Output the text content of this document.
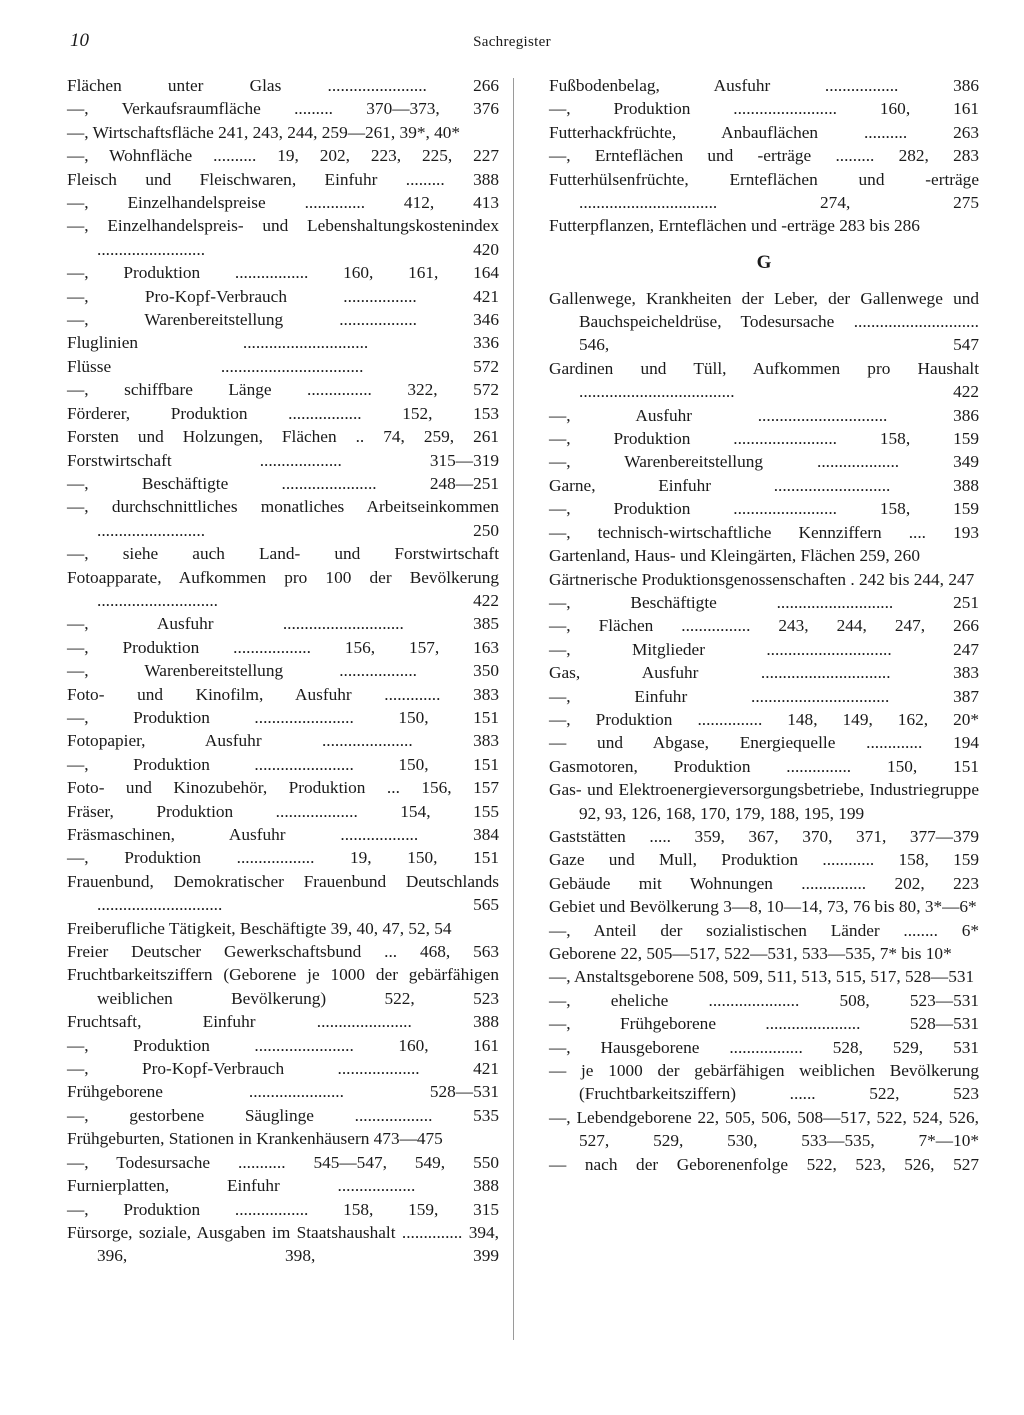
10	Sachregister

Flächen unter Glas ....................... 266

—, Verkaufsraumfläche ......... 370—373, 376

—, Wirtschaftsfläche 241, 243, 244, 259—261, 39*, 40*

—, Wohnfläche .......... 19, 202, 223, 225, 227

Fleisch und Fleischwaren, Einfuhr ......... 388

—, Einzelhandelspreise .............. 412, 413

—, Einzelhandelspreis- und Lebenshaltungskostenindex ......................... 420

—, Produktion ................. 160, 161, 164

—, Pro-Kopf-Verbrauch ................. 421

—, Warenbereitstellung .................. 346

Fluglinien ............................. 336

Flüsse ................................. 572

—, schiffbare Länge ............... 322, 572

Förderer, Produktion ................. 152, 153

Forsten und Holzungen, Flächen .. 74, 259, 261

Forstwirtschaft ................... 315—319

—, Beschäftigte ...................... 248—251

—, durchschnittliches monatliches Arbeitseinkommen ......................... 250

—, siehe auch Land- und Forstwirtschaft

Fotoapparate, Aufkommen pro 100 der Bevölkerung ............................ 422

—, Ausfuhr ............................ 385

—, Produktion .................. 156, 157, 163

—, Warenbereitstellung .................. 350

Foto- und Kinofilm, Ausfuhr ............. 383

—, Produktion ....................... 150, 151

Fotopapier, Ausfuhr ..................... 383

—, Produktion ....................... 150, 151

Foto- und Kinozubehör, Produktion ... 156, 157

Fräser, Produktion ................... 154, 155

Fräsmaschinen, Ausfuhr .................. 384

—, Produktion .................. 19, 150, 151

Frauenbund, Demokratischer Frauenbund Deutschlands ............................. 565

Freiberufliche Tätigkeit, Beschäftigte 39, 40, 47, 52, 54

Freier Deutscher Gewerkschaftsbund ... 468, 563

Fruchtbarkeitsziffern (Geborene je 1000 der gebärfähigen weiblichen Bevölkerung) 522, 523

Fruchtsaft, Einfuhr ...................... 388

—, Produktion ....................... 160, 161

—, Pro-Kopf-Verbrauch ................... 421

Frühgeborene ...................... 528—531

—, gestorbene Säuglinge .................. 535

Frühgeburten, Stationen in Krankenhäusern 473—475

—, Todesursache ........... 545—547, 549, 550

Furnierplatten, Einfuhr .................. 388

—, Produktion ................. 158, 159, 315

Fürsorge, soziale, Ausgaben im Staatshaushalt .............. 394, 396, 398, 399

Fußbodenbelag, Ausfuhr ................. 386

—, Produktion ........................ 160, 161

Futterhackfrüchte, Anbauflächen .......... 263

—, Ernteflächen und -erträge ......... 282, 283

Futterhülsenfrüchte, Ernteflächen und -erträge ................................ 274, 275

Futterpflanzen, Ernteflächen und -erträge 283 bis 286

G

Gallenwege, Krankheiten der Leber, der Gallenwege und Bauchspeicheldrüse, Todesursache ............................. 546, 547

Gardinen und Tüll, Aufkommen pro Haushalt .................................... 422

—, Ausfuhr .............................. 386

—, Produktion ........................ 158, 159

—, Warenbereitstellung ................... 349

Garne, Einfuhr ........................... 388

—, Produktion ........................ 158, 159

—, technisch-wirtschaftliche Kennziffern .... 193

Gartenland, Haus- und Kleingärten, Flächen 259, 260

Gärtnerische Produktionsgenossenschaften . 242 bis 244, 247

—, Beschäftigte ........................... 251

—, Flächen ................ 243, 244, 247, 266

—, Mitglieder ............................. 247

Gas, Ausfuhr .............................. 383

—, Einfuhr ................................ 387

—, Produktion ............... 148, 149, 162, 20*

— und Abgase, Energiequelle ............. 194

Gasmotoren, Produktion ............... 150, 151

Gas- und Elektroenergieversorgungsbetriebe, Industriegruppe 92, 93, 126, 168, 170, 179, 188, 195, 199

Gaststätten ..... 359, 367, 370, 371, 377—379

Gaze und Mull, Produktion ............ 158, 159

Gebäude mit Wohnungen ............... 202, 223

Gebiet und Bevölkerung 3—8, 10—14, 73, 76 bis 80, 3*—6*

—, Anteil der sozialistischen Länder ........ 6*

Geborene 22, 505—517, 522—531, 533—535, 7* bis 10*

—, Anstaltsgeborene 508, 509, 511, 513, 515, 517, 528—531

—, eheliche ..................... 508, 523—531

—, Frühgeborene ...................... 528—531

—, Hausgeborene ................. 528, 529, 531

— je 1000 der gebärfähigen weiblichen Bevölkerung (Fruchtbarkeitsziffern) ...... 522, 523

—, Lebendgeborene 22, 505, 506, 508—517, 522, 524, 526, 527, 529, 530, 533—535, 7*—10*

— nach der Geborenenfolge 522, 523, 526, 527
